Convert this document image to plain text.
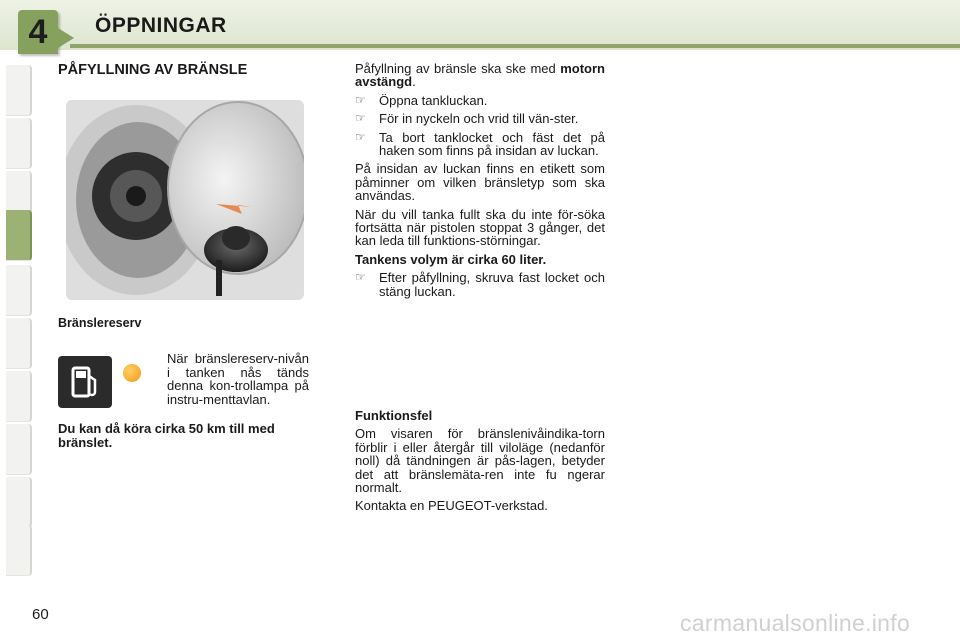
4	ÖPPNINGAR
PÅFYLLNING AV BRÄNSLE
Bränslereserv
När bränslereserv-nivån i tanken nås tänds denna kon-trollampa på instru-menttavlan.
Du kan då köra cirka 50 km till med bränslet.

Påfyllning av bränsle ska ske med motorn avstängd.

☞	Öppna tankluckan.
☞	För in nyckeln och vrid till vän-ster.
☞	Ta bort tanklocket och fäst det på haken som finns på insidan av luckan.

På insidan av luckan finns en etikett som påminner om vilken bränsletyp som ska användas.

När du vill tanka fullt ska du inte för-söka fortsätta när pistolen stoppat 3 gånger, det kan leda till funktions-störningar.

Tankens volym är cirka 60 liter.

☞	Efter påfyllning, skruva fast locket och stäng luckan.

Funktionsfel

Om visaren för bränslenivåindika-torn förblir i eller återgår till viloläge (nedanför noll) då tändningen är pås-lagen, betyder det att bränslemäta-ren inte fu ngerar normalt.

Kontakta en PEUGEOT-verkstad.

60	carmanualsonline.info
